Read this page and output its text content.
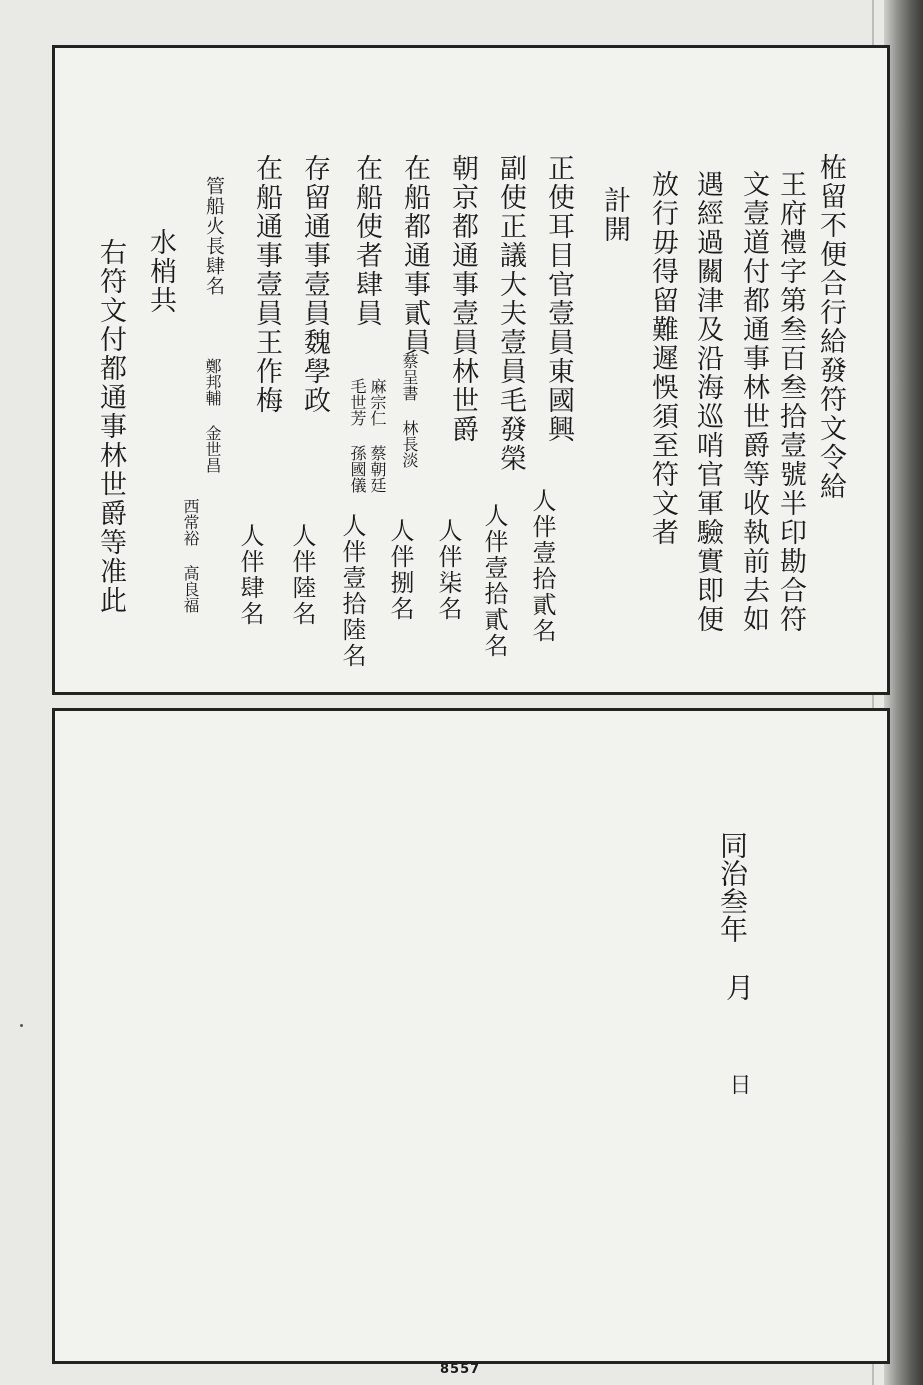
𣑊留不便合行給發符文令給
王府禮字第叁百叁拾壹號半印勘合符
文壹道付都通事林世爵等收執前去如
遇經過關津及沿海巡哨官軍驗實即便
放行毋得留難遲悞須至符文者
計開
正使耳目官壹員東國興
副使正議大夫壹員毛發榮
朝京都通事壹員林世爵
在船都通事貳員
在船使者肆員
存留通事壹員魏學政
在船通事壹員王作梅
管船火長肆名
水梢共
右符文付都通事林世爵等准此	蔡呈書 林長淡
麻宗仁 蔡朝廷
毛世芳 孫國儀
鄭邦輔 金世昌
西常裕 高良福	人伴壹拾貳名
人伴壹拾貳名
人伴柒名
人伴捌名
人伴壹拾陸名
人伴陸名
人伴肆名
同治叁年
月
日
8557
